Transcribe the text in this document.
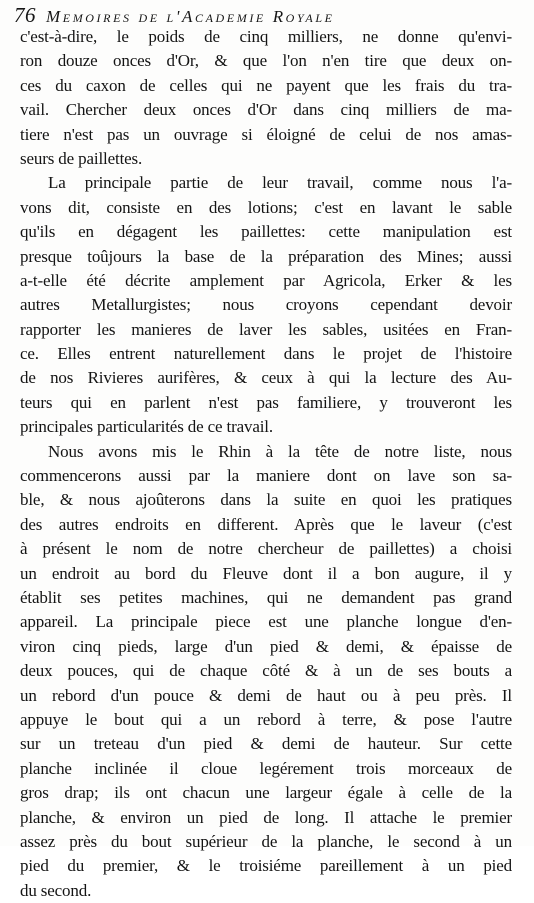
76 Memoires de l'Academie Royale
c'est-à-dire, le poids de cinq milliers, ne donne qu'envi-
ron douze onces d'Or, & que l'on n'en tire que deux on-
ces du caxon de celles qui ne payent que les frais du tra-
vail. Chercher deux onces d'Or dans cinq milliers de ma-
tiere n'est pas un ouvrage si éloigné de celui de nos amas-
seurs de paillettes.
La principale partie de leur travail, comme nous l'a-
vons dit, consiste en des lotions; c'est en lavant le sable
qu'ils en dégagent les paillettes: cette manipulation est
presque toûjours la base de la préparation des Mines; aussi
a-t-elle été décrite amplement par Agricola, Erker & les
autres Metallurgistes; nous croyons cependant devoir
rapporter les manieres de laver les sables, usitées en Fran-
ce. Elles entrent naturellement dans le projet de l'histoire
de nos Rivieres aurifères, & ceux à qui la lecture des Au-
teurs qui en parlent n'est pas familiere, y trouveront les
principales particularités de ce travail.
Nous avons mis le Rhin à la tête de notre liste, nous
commencerons aussi par la maniere dont on lave son sa-
ble, & nous ajoûterons dans la suite en quoi les pratiques
des autres endroits en different. Après que le laveur (c'est
à présent le nom de notre chercheur de paillettes) a choisi
un endroit au bord du Fleuve dont il a bon augure, il y
établit ses petites machines, qui ne demandent pas grand
appareil. La principale piece est une planche longue d'en-
viron cinq pieds, large d'un pied & demi, & épaisse de
deux pouces, qui de chaque côté & à un de ses bouts a
un rebord d'un pouce & demi de haut ou à peu près. Il
appuye le bout qui a un rebord à terre, & pose l'autre
sur un treteau d'un pied & demi de hauteur. Sur cette
planche inclinée il cloue legérement trois morceaux de
gros drap; ils ont chacun une largeur égale à celle de la
planche, & environ un pied de long. Il attache le premier
assez près du bout supérieur de la planche, le second à un
pied du premier, & le troisiéme pareillement à un pied
du second.
